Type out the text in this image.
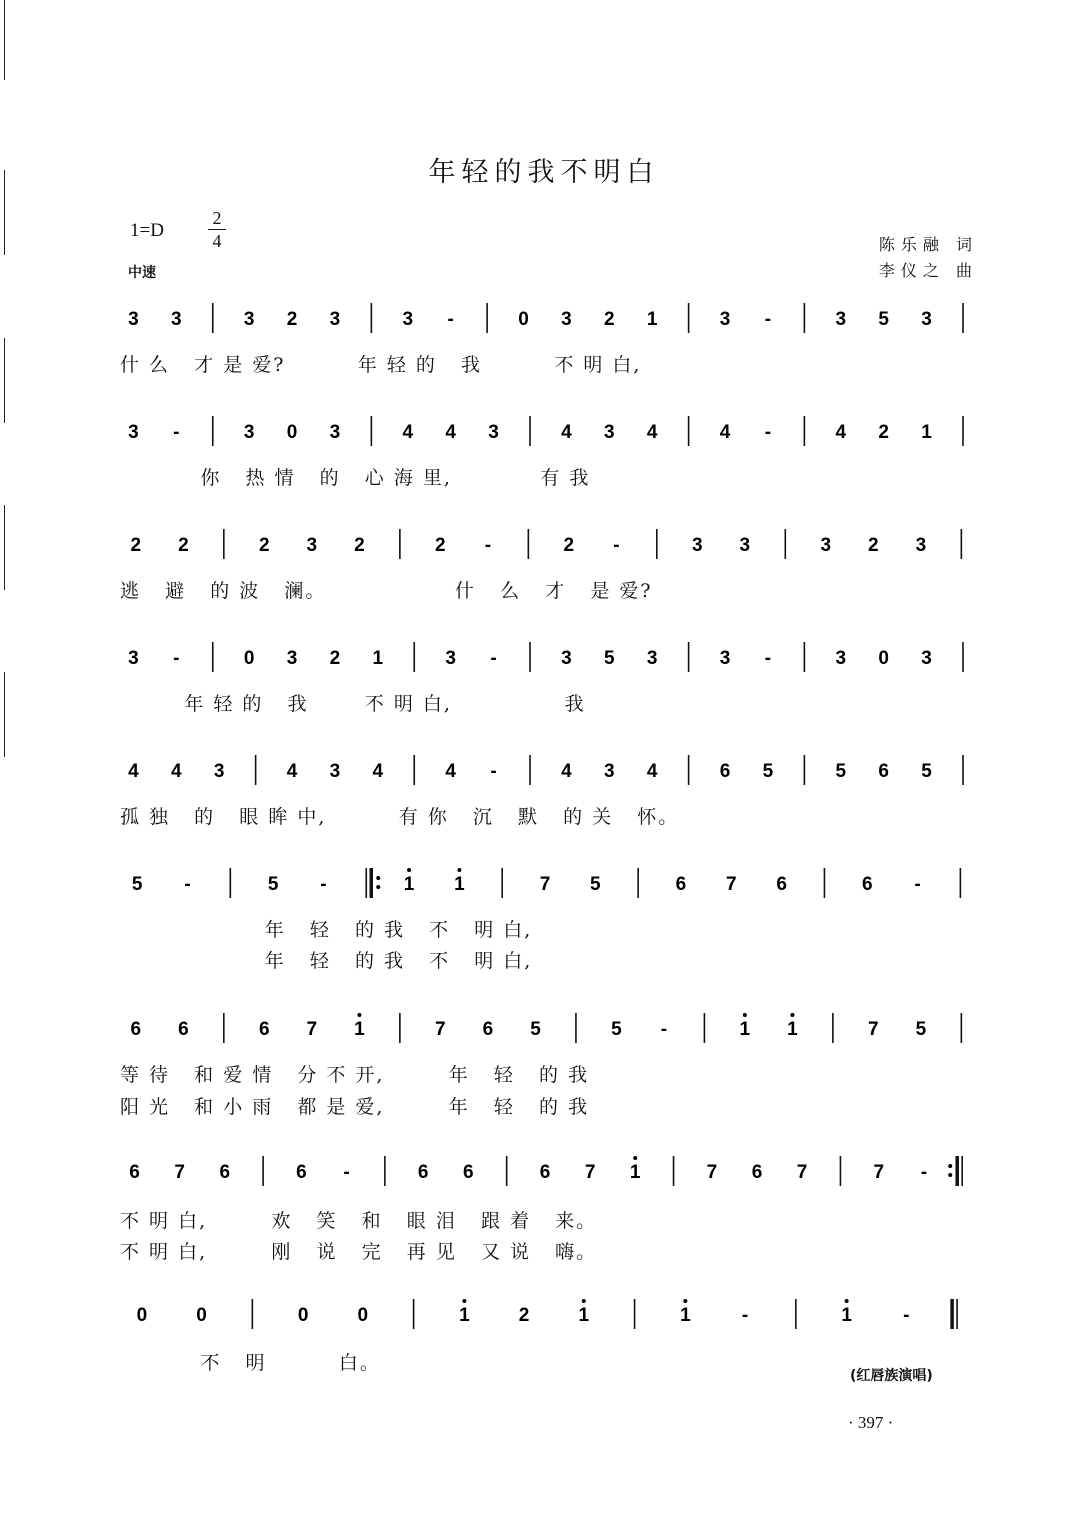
年轻的我不明白
1=D
2
4
中速
陈乐融 词
李仪之 曲
3 3	3 2 3	3 -	0 3 2 1	3 -	3 5 3
3 -	3 0 3	4 4 3	4 3 4	4 -	4 2 1
2 2	2 3 2	2 -	2 -	3 3	3 2 3
3 -	0 3 2 1	3 -	3 5 3	3 -	3 0 3
4 4 3	4 3 4	4 -	4 3 4	6 5	5 6 5
5 -	5 -	1 1	7 5	6 7 6	6 -
6 6	6 7 1	7 6 5	5 -	1 1	7 5
6 7 6	6 -	6 6	6 7 1	7 6 7	7 -
0	0	0	0	1	2	1	1	-	1	-
什 么   才 是 爱?         年 轻 的   我         不 明 白,
你   热 情   的   心 海 里,           有 我
逃   避   的 波   澜。                什   么   才   是 爱?
年 轻 的   我       不 明 白,              我
孤 独   的   眼 眸 中,         有 你   沉   默   的 关   怀。
年   轻   的 我   不   明 白,
年   轻   的 我   不   明 白,
等 待   和 爱 情   分 不 开,        年   轻   的 我
阳 光   和 小 雨   都 是 爱,        年   轻   的 我
不 明 白,        欢   笑   和   眼 泪   跟 着   来。
不 明 白,        刚   说   完   再 见   又 说   嗨。
不   明         白。
(红唇族演唱)
· 397 ·
